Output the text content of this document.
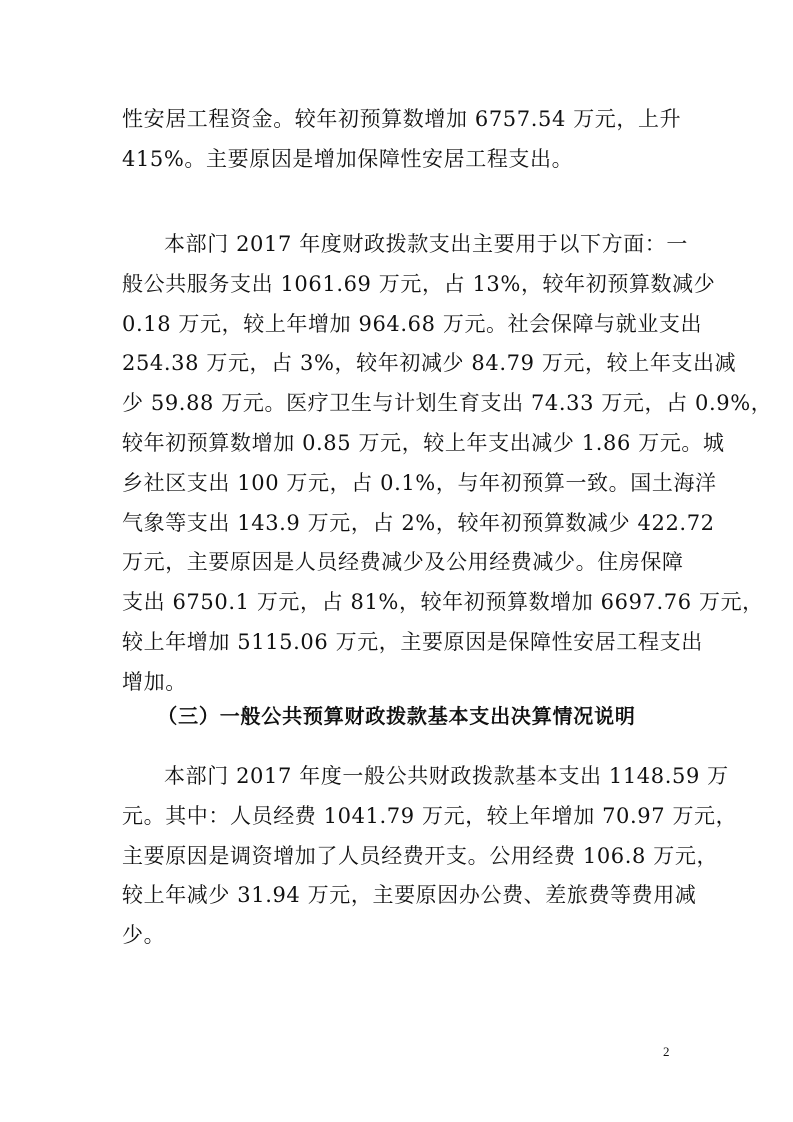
性安居工程资金。较年初预算数增加 6757.54 万元，上升
415%。主要原因是增加保障性安居工程支出。
本部门 2017 年度财政拨款支出主要用于以下方面：一
般公共服务支出 1061.69 万元，占 13%，较年初预算数减少
0.18 万元，较上年增加 964.68 万元。社会保障与就业支出
254.38 万元，占 3%，较年初减少 84.79 万元，较上年支出减
少 59.88 万元。医疗卫生与计划生育支出 74.33 万元，占 0.9%，
较年初预算数增加 0.85 万元，较上年支出减少 1.86 万元。城
乡社区支出 100 万元，占 0.1%，与年初预算一致。国土海洋
气象等支出 143.9 万元，占 2%，较年初预算数减少 422.72
万元，主要原因是人员经费减少及公用经费减少。住房保障
支出 6750.1 万元，占 81%，较年初预算数增加 6697.76 万元，
较上年增加 5115.06 万元，主要原因是保障性安居工程支出
增加。
（三）一般公共预算财政拨款基本支出决算情况说明
本部门 2017 年度一般公共财政拨款基本支出 1148.59 万
元。其中：人员经费 1041.79 万元，较上年增加 70.97 万元，
主要原因是调资增加了人员经费开支。公用经费 106.8 万元，
较上年减少 31.94 万元，主要原因办公费、差旅费等费用减
少。
2
